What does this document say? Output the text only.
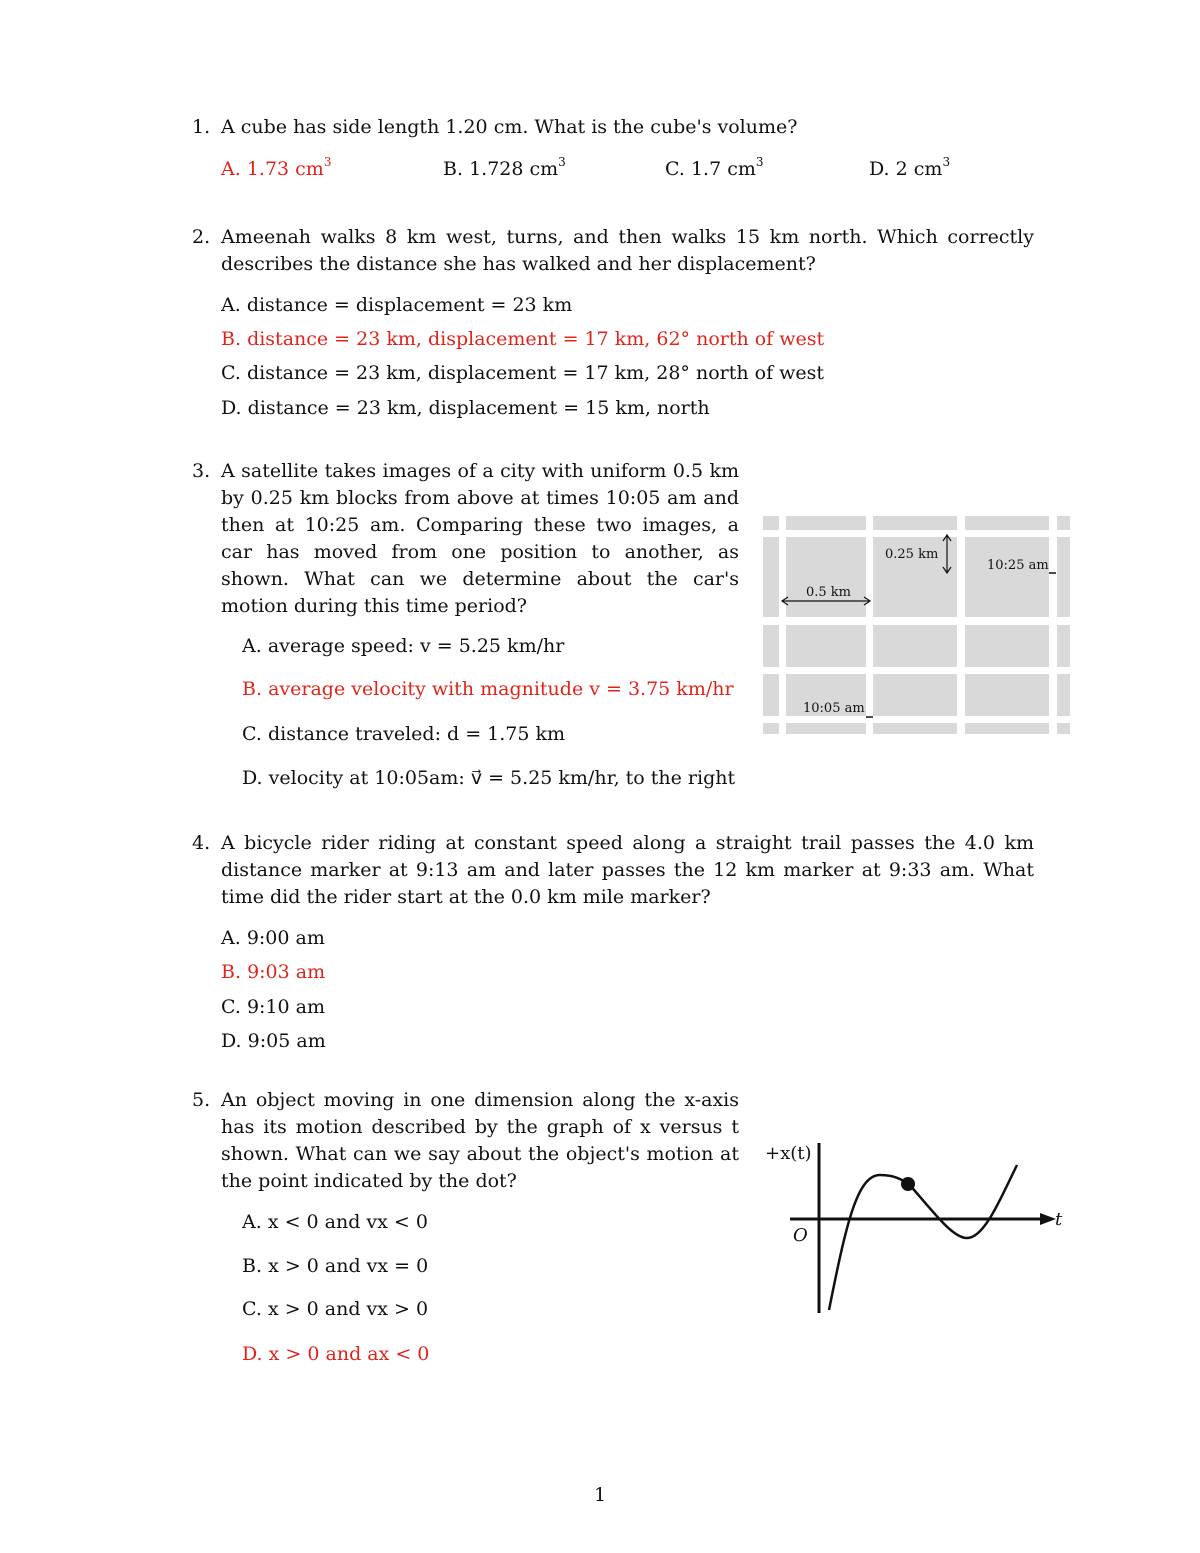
1. A cube has side length 1.20 cm. What is the cube's volume?
A. 1.73 $cm^3$	B. 1.728 $cm^3$	C. 1.7 $cm^3$	D. 2 $cm^3$
2. Ameenah walks 8 km west, turns, and then walks 15 km north. Which correctly describes the distance she has walked and her displacement?
A. distance = displacement = 23 km
B. distance = 23 km, displacement = 17 km, 62° north of west
C. distance = 23 km, displacement = 17 km, 28° north of west
D. distance = 23 km, displacement = 15 km, north
3. A satellite takes images of a city with uniform 0.5 km by 0.25 km blocks from above at times 10:05 am and then at 10:25 am. Comparing these two images, a car has moved from one position to another, as shown. What can we determine about the car's motion during this time period?
A. average speed: v = 5.25 km/hr
B. average velocity with magnitude v = 3.75 km/hr
C. distance traveled: d = 1.75 km
D. velocity at 10:05am: v⃗ = 5.25 km/hr, to the right
0.25 km
0.5 km
10:25 am
10:05 am
4. A bicycle rider riding at constant speed along a straight trail passes the 4.0 km distance marker at 9:13 am and later passes the 12 km marker at 9:33 am. What time did the rider start at the 0.0 km mile marker?
A. 9:00 am
B. 9:03 am
C. 9:10 am
D. 9:05 am
5. An object moving in one dimension along the x-axis has its motion described by the graph of x versus t shown. What can we say about the object's motion at the point indicated by the dot?
A. x < 0 and vx < 0
B. x > 0 and vx = 0
C. x > 0 and vx > 0
D. x > 0 and ax < 0
+x(t)
t
O
1
